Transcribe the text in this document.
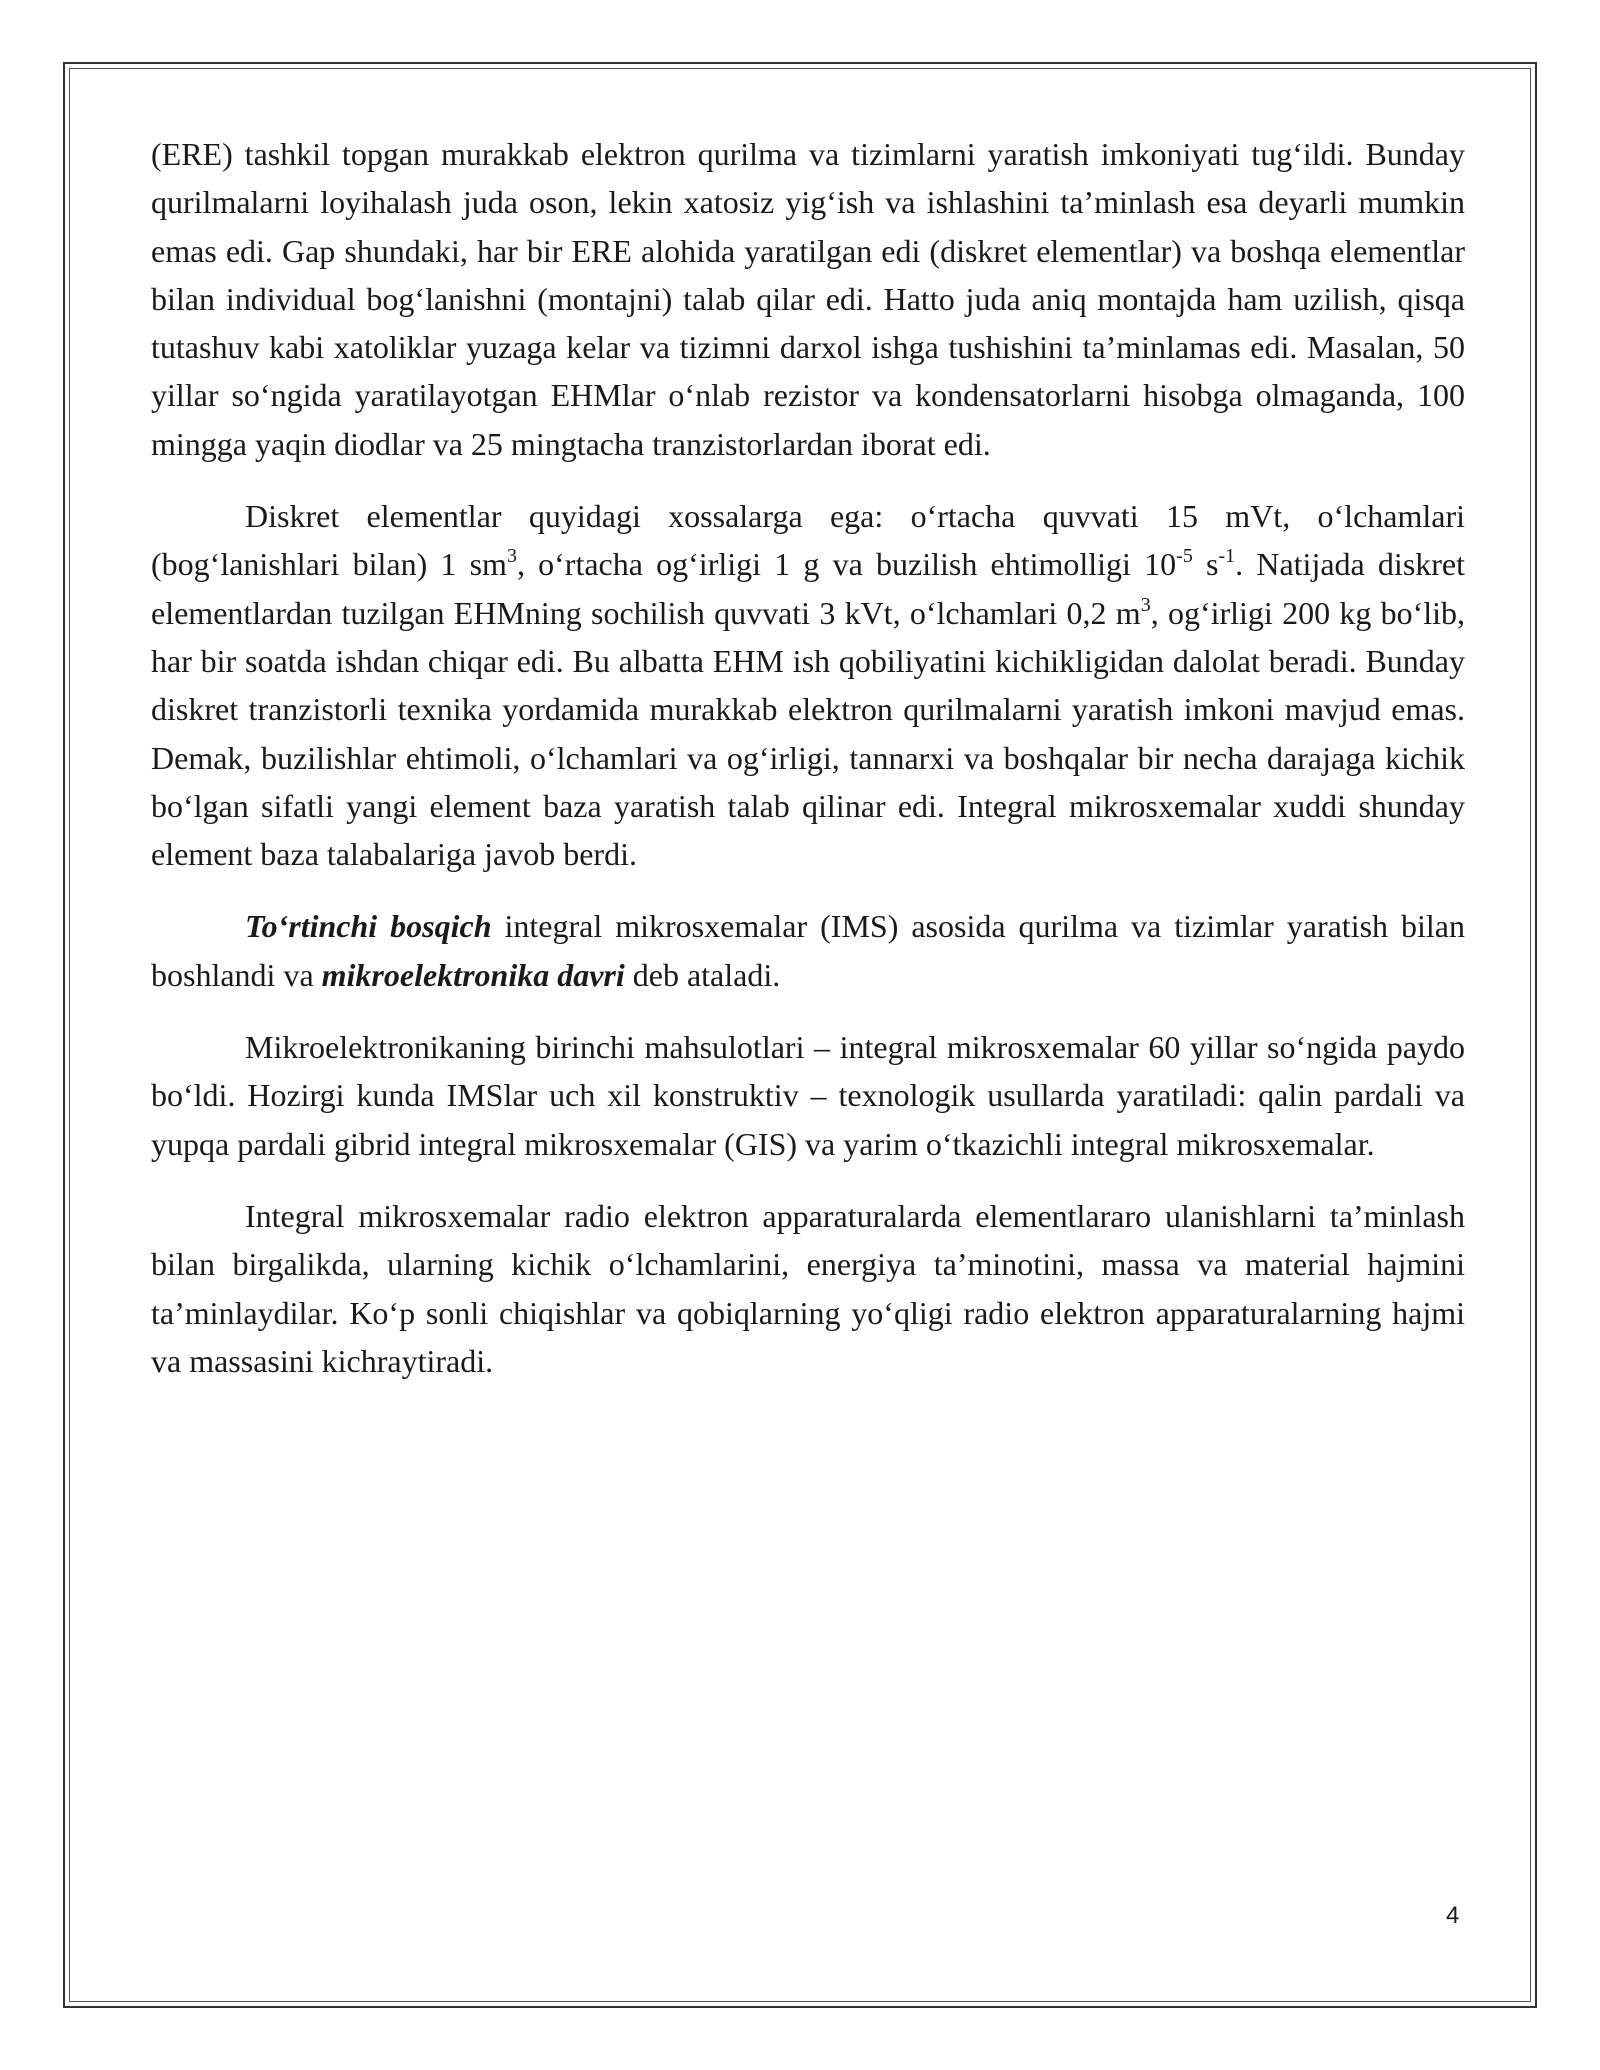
(ERE) tashkil topgan murakkab elektron qurilma va tizimlarni yaratish imkoniyati tug‘ildi. Bunday qurilmalarni loyihalash juda oson, lekin xatosiz yig‘ish va ishlashini ta’minlash esa deyarli mumkin emas edi. Gap shundaki, har bir ERE alohida yaratilgan edi (diskret elementlar) va boshqa elementlar bilan individual bog‘lanishni (montajni) talab qilar edi. Hatto juda aniq montajda ham uzilish, qisqa tutashuv kabi xatoliklar yuzaga kelar va tizimni darxol ishga tushishini ta’minlamas edi. Masalan, 50 yillar so‘ngida yaratilayotgan EHMlar o‘nlab rezistor va kondensatorlarni hisobga olmaganda, 100 mingga yaqin diodlar va 25 mingtacha tranzistorlardan iborat edi.

Diskret elementlar quyidagi xossalarga ega: o‘rtacha quvvati 15 mVt, o‘lchamlari (bog‘lanishlari bilan) 1 $sm^3$, o‘rtacha og‘irligi 1 g va buzilish ehtimolligi $10^{-5}$ $s^{-1}$. Natijada diskret elementlardan tuzilgan EHMning sochilish quvvati 3 kVt, o‘lchamlari 0,2 $m^3$, og‘irligi 200 kg bo‘lib, har bir soatda ishdan chiqar edi. Bu albatta EHM ish qobiliyatini kichikligidan dalolat beradi. Bunday diskret tranzistorli texnika yordamida murakkab elektron qurilmalarni yaratish imkoni mavjud emas. Demak, buzilishlar ehtimoli, o‘lchamlari va og‘irligi, tannarxi va boshqalar bir necha darajaga kichik bo‘lgan sifatli yangi element baza yaratish talab qilinar edi. Integral mikrosxemalar xuddi shunday element baza talabalariga javob berdi.

To‘rtinchi bosqich integral mikrosxemalar (IMS) asosida qurilma va tizimlar yaratish bilan boshlandi va mikroelektronika davri deb ataladi.

Mikroelektronikaning birinchi mahsulotlari – integral mikrosxemalar 60 yillar so‘ngida paydo bo‘ldi. Hozirgi kunda IMSlar uch xil konstruktiv – texnologik usullarda yaratiladi: qalin pardali va yupqa pardali gibrid integral mikrosxemalar (GIS) va yarim o‘tkazichli integral mikrosxemalar.

Integral mikrosxemalar radio elektron apparaturalarda elementlararo ulanishlarni ta’minlash bilan birgalikda, ularning kichik o‘lchamlarini, energiya ta’minotini, massa va material hajmini ta’minlaydilar. Ko‘p sonli chiqishlar va qobiqlarning yo‘qligi radio elektron apparaturalarning hajmi va massasini kichraytiradi.

4
